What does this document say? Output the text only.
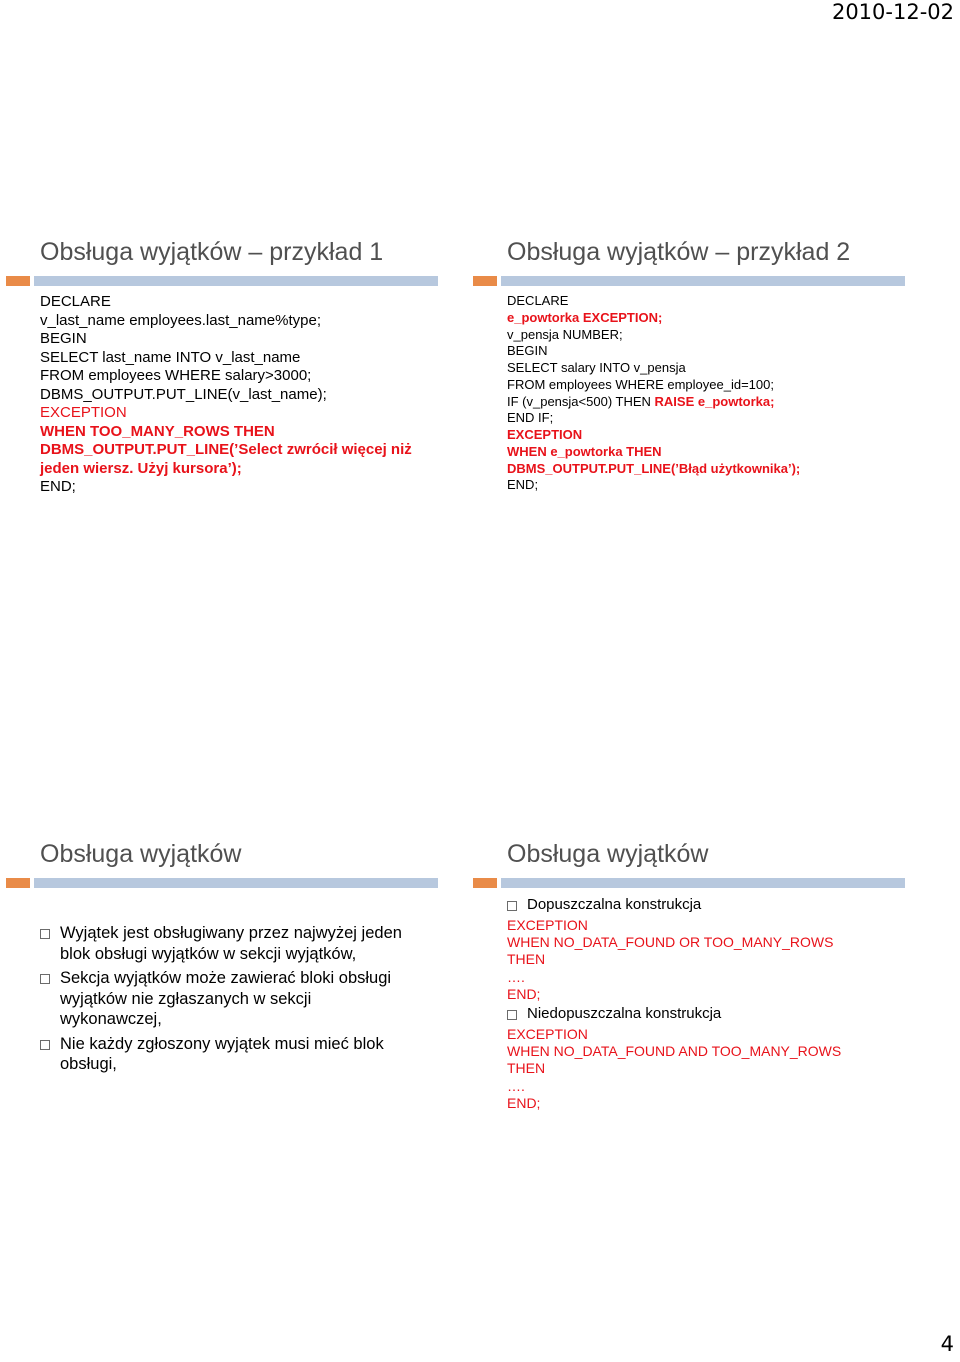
2010-12-02
Obsługa wyjątków – przykład 1
DECLARE
v_last_name employees.last_name%type;
BEGIN
SELECT last_name INTO v_last_name
FROM employees WHERE salary>3000;
DBMS_OUTPUT.PUT_LINE(v_last_name);
EXCEPTION
WHEN TOO_MANY_ROWS THEN
DBMS_OUTPUT.PUT_LINE(’Select zwrócił więcej niż
jeden wiersz. Użyj kursora’);
END;
Obsługa wyjątków – przykład 2
DECLARE
e_powtorka EXCEPTION;
v_pensja NUMBER;
BEGIN
SELECT salary INTO v_pensja
FROM employees WHERE employee_id=100;
IF (v_pensja<500) THEN RAISE e_powtorka;
END IF;
EXCEPTION
WHEN e_powtorka THEN
DBMS_OUTPUT.PUT_LINE(’Błąd użytkownika’);
END;
Obsługa wyjątków
Wyjątek jest obsługiwany przez najwyżej jeden
blok obsługi wyjątków w sekcji wyjątków,
Sekcja wyjątków może zawierać bloki obsługi
wyjątków nie zgłaszanych w sekcji
wykonawczej,
Nie każdy zgłoszony wyjątek musi mieć blok
obsługi,
Obsługa wyjątków
Dopuszczalna konstrukcja
EXCEPTION
WHEN NO_DATA_FOUND OR TOO_MANY_ROWS
THEN
….
END;
Niedopuszczalna konstrukcja
EXCEPTION
WHEN NO_DATA_FOUND AND TOO_MANY_ROWS
THEN
….
END;
4
